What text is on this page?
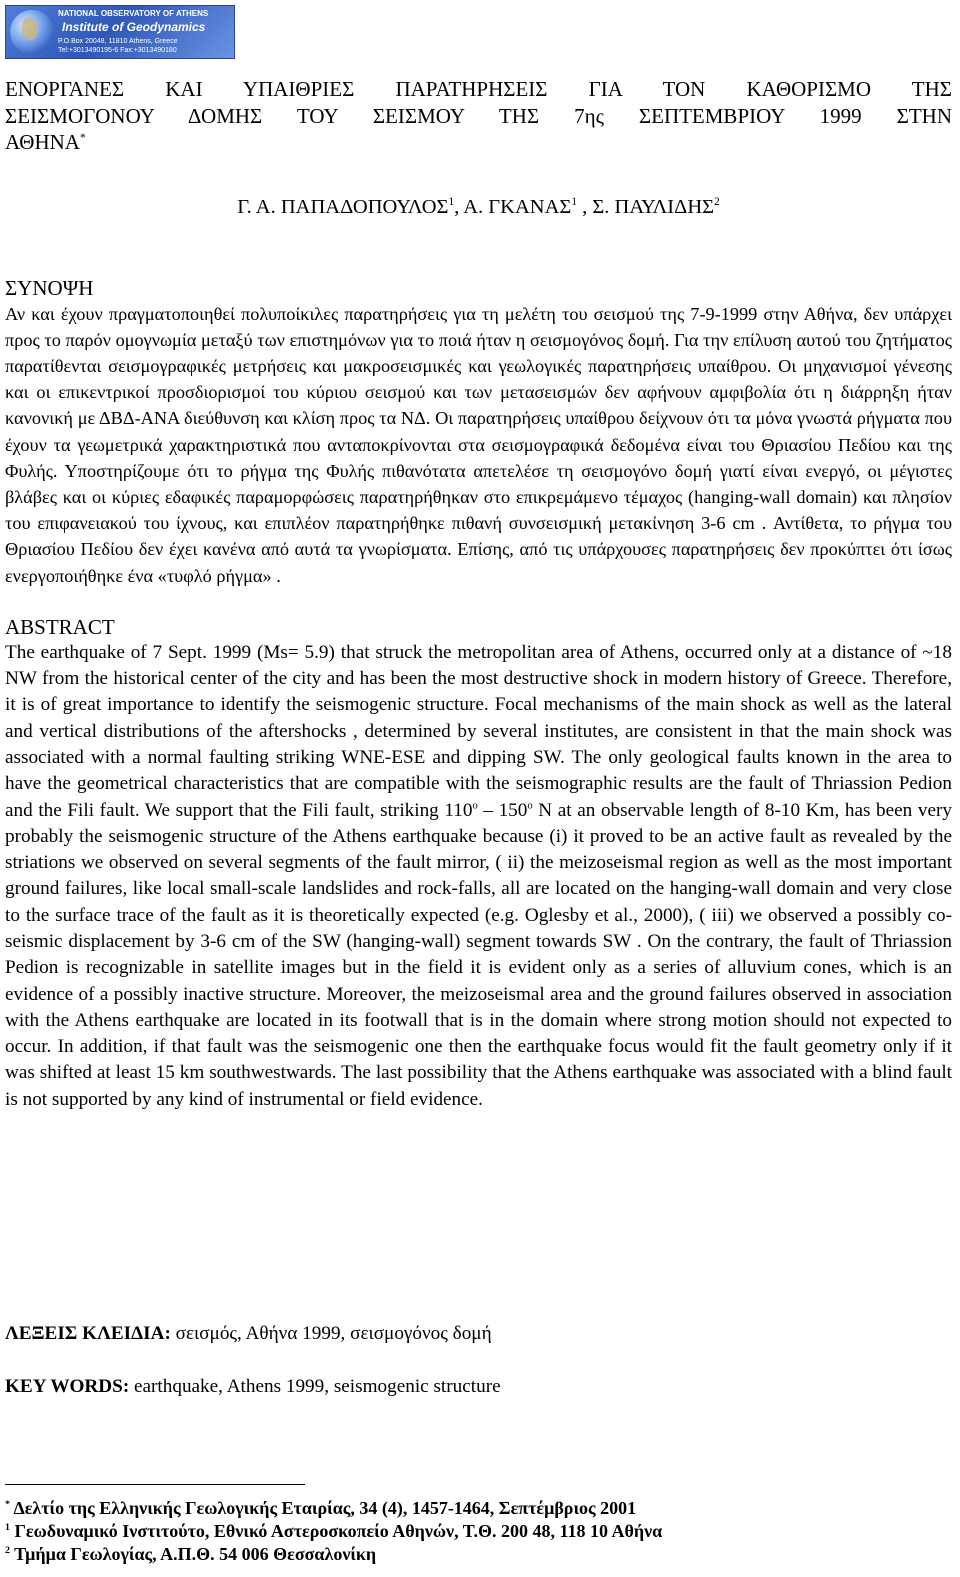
NATIONAL OBSERVATORY OF ATHENS
Institute of Geodynamics
P.O.Box 20048, 11810 Athens, Greece
Tel:+3013490195-6 Fax:+3013490180

ΕΝΟΡΓΑΝΕΣ ΚΑΙ ΥΠΑΙΘΡΙΕΣ ΠΑΡΑΤΗΡΗΣΕΙΣ ΓΙΑ ΤΟΝ ΚΑΘΟΡΙΣΜΟ ΤΗΣ

ΣΕΙΣΜΟΓΟΝΟΥ ΔΟΜΗΣ ΤΟΥ ΣΕΙΣΜΟΥ ΤΗΣ 7ης ΣΕΠΤΕΜΒΡΙΟΥ 1999 ΣΤΗΝ

ΑΘΗΝΑ*

Γ. Α. ΠΑΠΑΔΟΠΟΥΛΟΣ$^1$, Α. ΓΚΑΝΑΣ$^1$ , Σ. ΠΑΥΛΙΔΗΣ$^2$
ΣΥΝΟΨΗ

Αν και έχουν πραγματοποιηθεί πολυποίκιλες παρατηρήσεις για τη μελέτη του σεισμού της 7-9-1999 στην Αθήνα, δεν υπάρχει προς το παρόν ομογνωμία μεταξύ των επιστημόνων για το ποιά ήταν η σεισμογόνος δομή. Για την επίλυση αυτού του ζητήματος παρατίθενται σεισμογραφικές μετρήσεις και μακροσεισμικές και γεωλογικές παρατηρήσεις υπαίθρου. Οι μηχανισμοί γένεσης και οι επικεντρικοί προσδιορισμοί του κύριου σεισμού και των μετασεισμών δεν αφήνουν αμφιβολία ότι η διάρρηξη ήταν κανονική με ΔΒΔ-ΑΝΑ διεύθυνση και κλίση προς τα ΝΔ. Οι παρατηρήσεις υπαίθρου δείχνουν ότι τα μόνα γνωστά ρήγματα που έχουν τα γεωμετρικά χαρακτηριστικά που ανταποκρίνονται στα σεισμογραφικά δεδομένα είναι του Θριασίου Πεδίου και της Φυλής. Υποστηρίζουμε ότι το ρήγμα της Φυλής πιθανότατα απετελέσε τη σεισμογόνο δομή γιατί είναι ενεργό, οι μέγιστες βλάβες και οι κύριες εδαφικές παραμορφώσεις παρατηρήθηκαν στο επικρεμάμενο τέμαχος (hanging-wall domain) και πλησίον του επιφανειακού του ίχνους, και επιπλέον παρατηρήθηκε πιθανή συνσεισμική μετακίνηση 3-6 cm . Αντίθετα, το ρήγμα του Θριασίου Πεδίου δεν έχει κανένα από αυτά τα γνωρίσματα. Επίσης, από τις υπάρχουσες παρατηρήσεις δεν προκύπτει ότι ίσως ενεργοποιήθηκε ένα «τυφλό ρήγμα» .

ABSTRACT

The earthquake of 7 Sept. 1999 (Ms= 5.9) that struck the metropolitan area of Athens, occurred only at a distance of ~18 NW from the historical center of the city and has been the most destructive shock in modern history of Greece. Therefore, it is of great importance to identify the seismogenic structure. Focal mechanisms of the main shock as well as the lateral and vertical distributions of the aftershocks , determined by several institutes, are consistent in that the main shock was associated with a normal faulting striking WNE-ESE and dipping SW. The only geological faults known in the area to have the geometrical characteristics that are compatible with the seismographic results are the fault of Thriassion Pedion and the Fili fault. We support that the Fili fault, striking 110$^o$ – 150$^o$ N at an observable length of 8-10 Km, has been very probably the seismogenic structure of the Athens earthquake because (i) it proved to be an active fault as revealed by the striations we observed on several segments of the fault mirror, ( ii) the meizoseismal region as well as the most important ground failures, like local small-scale landslides and rock-falls, all are located on the hanging-wall domain and very close to the surface trace of the fault as it is theoretically expected (e.g. Oglesby et al., 2000), ( iii) we observed a possibly co-seismic displacement by 3-6 cm of the SW (hanging-wall) segment towards SW . On the contrary, the fault of Thriassion Pedion is recognizable in satellite images but in the field it is evident only as a series of alluvium cones, which is an evidence of a possibly inactive structure. Moreover, the meizoseismal area and the ground failures observed in association with the Athens earthquake are located in its footwall that is in the domain where strong motion should not expected to occur. In addition, if that fault was the seismogenic one then the earthquake focus would fit the fault geometry only if it was shifted at least 15 km southwestwards. The last possibility that the Athens earthquake was associated with a blind fault is not supported by any kind of instrumental or field evidence.

ΛΕΞΕΙΣ ΚΛΕΙΔΙΑ: σεισμός, Αθήνα 1999, σεισμογόνος δομή

KEY WORDS: earthquake, Athens 1999, seismogenic structure

* Δελτίο της Ελληνικής Γεωλογικής Εταιρίας, 34 (4), 1457-1464, Σεπτέμβριος 2001
$^1$ Γεωδυναμικό Ινστιτούτο, Εθνικό Αστεροσκοπείο Αθηνών, Τ.Θ. 200 48, 118 10 Αθήνα
$^2$ Τμήμα Γεωλογίας, Α.Π.Θ. 54 006 Θεσσαλονίκη
